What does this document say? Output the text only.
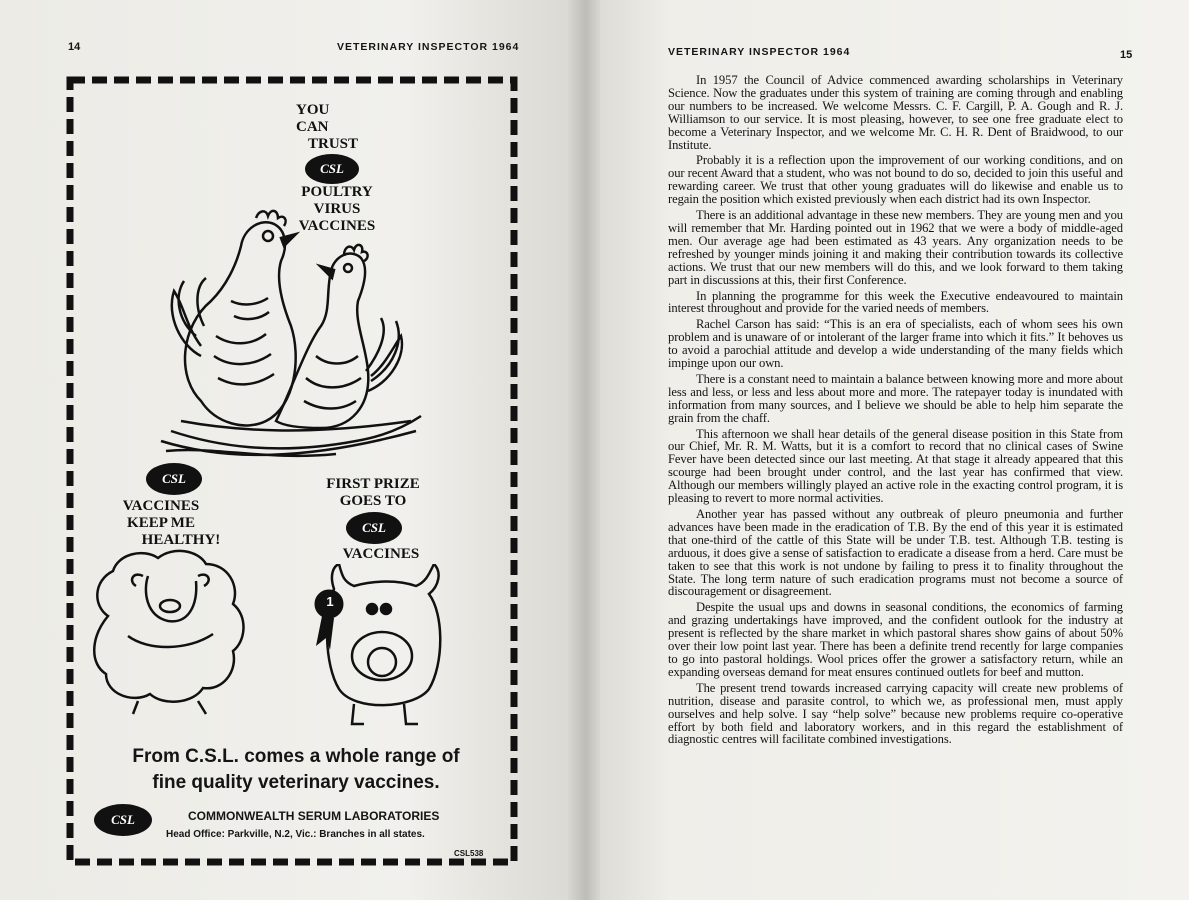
14	VETERINARY INSPECTOR 1964
YOU
CAN
TRUST
CSL
POULTRY
VIRUS
VACCINES
CSL
VACCINES
KEEP ME
HEALTHY!
FIRST PRIZE
GOES TO
CSL
VACCINES
1
From C.S.L. comes a whole range of
fine quality veterinary vaccines.
CSL	COMMONWEALTH SERUM LABORATORIES
Head Office: Parkville, N.2, Vic.: Branches in all states.
CSL538
VETERINARY INSPECTOR 1964	15

In 1957 the Council of Advice commenced awarding scholarships in Veterinary Science. Now the graduates under this system of training are coming through and enabling our numbers to be increased. We welcome Messrs. C. F. Cargill, P. A. Gough and R. J. Williamson to our service. It is most pleasing, however, to see one free graduate elect to become a Veterinary Inspector, and we welcome Mr. C. H. R. Dent of Braidwood, to our Institute.

Probably it is a reflection upon the improvement of our working conditions, and on our recent Award that a student, who was not bound to do so, decided to join this useful and rewarding career. We trust that other young graduates will do likewise and enable us to regain the position which existed previously when each district had its own Inspector.

There is an additional advantage in these new members. They are young men and you will remember that Mr. Harding pointed out in 1962 that we were a body of middle-aged men. Our average age had been estimated as 43 years. Any organization needs to be refreshed by younger minds joining it and making their contribution towards its collective actions. We trust that our new members will do this, and we look forward to them taking part in discussions at this, their first Conference.

In planning the programme for this week the Executive endeavoured to maintain interest throughout and provide for the varied needs of members.

Rachel Carson has said: “This is an era of specialists, each of whom sees his own problem and is unaware of or intolerant of the larger frame into which it fits.” It behoves us to avoid a parochial attitude and develop a wide understanding of the many fields which impinge upon our own.

There is a constant need to maintain a balance between knowing more and more about less and less, or less and less about more and more. The ratepayer today is inundated with information from many sources, and I believe we should be able to help him separate the grain from the chaff.

This afternoon we shall hear details of the general disease position in this State from our Chief, Mr. R. M. Watts, but it is a comfort to record that no clinical cases of Swine Fever have been detected since our last meeting. At that stage it already appeared that this scourge had been brought under control, and the last year has confirmed that view. Although our members willingly played an active role in the exacting control program, it is pleasing to revert to more normal activities.

Another year has passed without any outbreak of pleuro pneumonia and further advances have been made in the eradication of T.B. By the end of this year it is estimated that one-third of the cattle of this State will be under T.B. test. Although T.B. testing is arduous, it does give a sense of satisfaction to eradicate a disease from a herd. Care must be taken to see that this work is not undone by failing to press it to finality throughout the State. The long term nature of such eradication programs must not become a source of discouragement or disagreement.

Despite the usual ups and downs in seasonal conditions, the economics of farming and grazing undertakings have improved, and the confident outlook for the industry at present is reflected by the share market in which pastoral shares show gains of about 50% over their low point last year. There has been a definite trend recently for large companies to go into pastoral holdings. Wool prices offer the grower a satisfactory return, while an expanding overseas demand for meat ensures continued outlets for beef and mutton.

The present trend towards increased carrying capacity will create new problems of nutrition, disease and parasite control, to which we, as professional men, must apply ourselves and help solve. I say “help solve” because new problems require co-operative effort by both field and laboratory workers, and in this regard the establishment of diagnostic centres will facilitate combined investigations.
